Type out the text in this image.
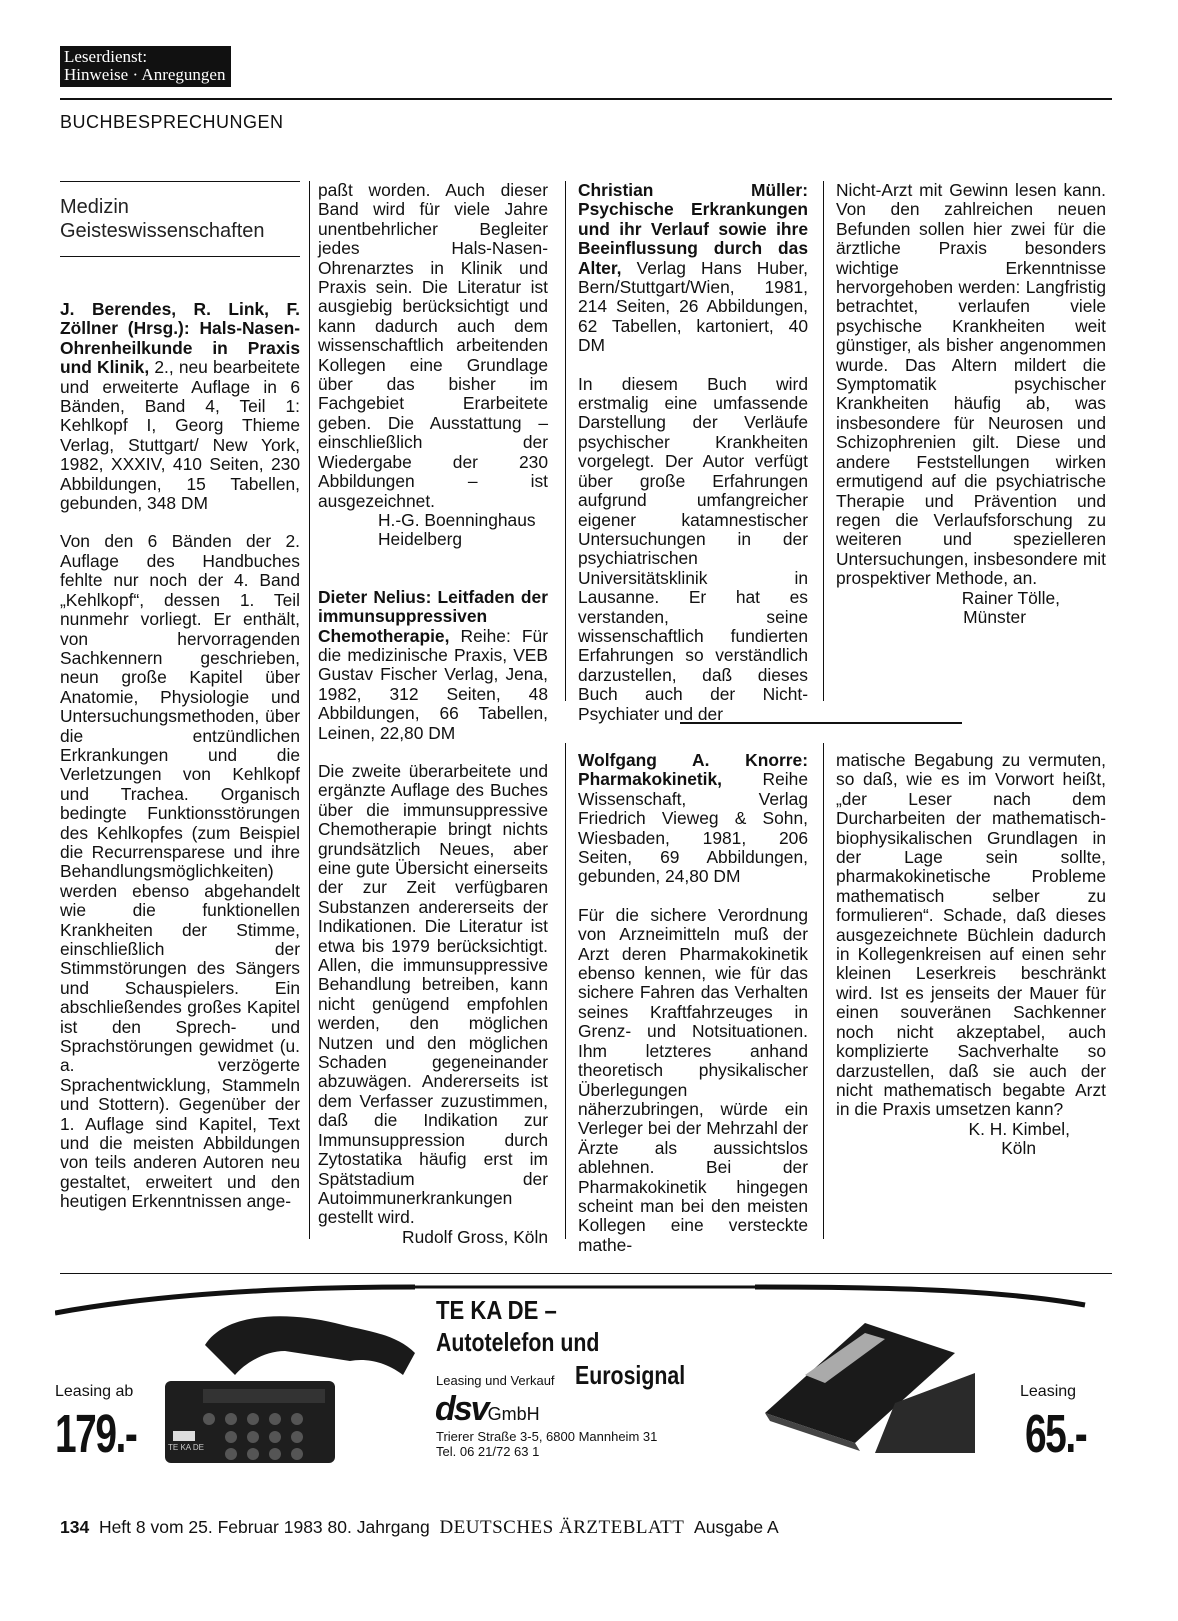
Leserdienst:
Hinweise · Anregungen
BUCHBESPRECHUNGEN
Medizin
Geisteswissenschaften

J. Berendes, R. Link, F. Zöllner (Hrsg.): Hals-Nasen-Ohrenheilkunde in Praxis und Klinik, 2., neu bearbeitete und erweiterte Auflage in 6 Bänden, Band 4, Teil 1: Kehlkopf I, Georg Thieme Verlag, Stuttgart/ New York, 1982, XXXIV, 410 Seiten, 230 Abbildungen, 15 Tabellen, gebunden, 348 DM

Von den 6 Bänden der 2. Auflage des Handbuches fehlte nur noch der 4. Band „Kehlkopf“, dessen 1. Teil nunmehr vorliegt. Er enthält, von hervorragenden Sachkennern geschrieben, neun große Kapitel über Anatomie, Physiologie und Untersuchungsmethoden, über die entzündlichen Erkrankungen und die Verletzungen von Kehlkopf und Trachea. Organisch bedingte Funktionsstörungen des Kehlkopfes (zum Beispiel die Recurrensparese und ihre Behandlungsmöglichkeiten) werden ebenso abgehandelt wie die funktionellen Krankheiten der Stimme, einschließlich der Stimmstörungen des Sängers und Schauspielers. Ein abschließendes großes Kapitel ist den Sprech- und Sprachstörungen gewidmet (u. a. verzögerte Sprachentwicklung, Stammeln und Stottern). Gegenüber der 1. Auflage sind Kapitel, Text und die meisten Abbildungen von teils anderen Autoren neu gestaltet, erweitert und den heutigen Erkenntnissen ange-

paßt worden. Auch dieser Band wird für viele Jahre unentbehrlicher Begleiter jedes Hals-Nasen-Ohrenarztes in Klinik und Praxis sein. Die Literatur ist ausgiebig berücksichtigt und kann dadurch auch dem wissenschaftlich arbeitenden Kollegen eine Grundlage über das bisher im Fachgebiet Erarbeitete geben. Die Ausstattung – einschließlich der Wiedergabe der 230 Abbildungen – ist ausgezeichnet.

H.-G. Boenninghaus
Heidelberg

Dieter Nelius: Leitfaden der immunsuppressiven Chemotherapie, Reihe: Für die medizinische Praxis, VEB Gustav Fischer Verlag, Jena, 1982, 312 Seiten, 48 Abbildungen, 66 Tabellen, Leinen, 22,80 DM

Die zweite überarbeitete und ergänzte Auflage des Buches über die immunsuppressive Chemotherapie bringt nichts grundsätzlich Neues, aber eine gute Übersicht einerseits der zur Zeit verfügbaren Substanzen andererseits der Indikationen. Die Literatur ist etwa bis 1979 berücksichtigt. Allen, die immunsuppressive Behandlung betreiben, kann nicht genügend empfohlen werden, den möglichen Nutzen und den möglichen Schaden gegeneinander abzuwägen. Andererseits ist dem Verfasser zuzustimmen, daß die Indikation zur Immunsuppression durch Zytostatika häufig erst im Spätstadium der Autoimmunerkrankungen gestellt wird.
Rudolf Gross, Köln

Christian Müller: Psychische Erkrankungen und ihr Verlauf sowie ihre Beeinflussung durch das Alter, Verlag Hans Huber, Bern/Stuttgart/Wien, 1981, 214 Seiten, 26 Abbildungen, 62 Tabellen, kartoniert, 40 DM

In diesem Buch wird erstmalig eine umfassende Darstellung der Verläufe psychischer Krankheiten vorgelegt. Der Autor verfügt über große Erfahrungen aufgrund umfangreicher eigener katamnestischer Untersuchungen in der psychiatrischen Universitätsklinik in Lausanne. Er hat es verstanden, seine wissenschaftlich fundierten Erfahrungen so verständlich darzustellen, daß dieses Buch auch der Nicht-Psychiater und der

Nicht-Arzt mit Gewinn lesen kann. Von den zahlreichen neuen Befunden sollen hier zwei für die ärztliche Praxis besonders wichtige Erkenntnisse hervorgehoben werden: Langfristig betrachtet, verlaufen viele psychische Krankheiten weit günstiger, als bisher angenommen wurde. Das Altern mildert die Symptomatik psychischer Krankheiten häufig ab, was insbesondere für Neurosen und Schizophrenien gilt. Diese und andere Feststellungen wirken ermutigend auf die psychiatrische Therapie und Prävention und regen die Verlaufsforschung zu weiteren und spezielleren Untersuchungen, insbesondere mit prospektiver Methode, an.

Rainer Tölle,
Münster

Wolfgang A. Knorre: Pharmakokinetik, Reihe Wissenschaft, Verlag Friedrich Vieweg & Sohn, Wiesbaden, 1981, 206 Seiten, 69 Abbildungen, gebunden, 24,80 DM

Für die sichere Verordnung von Arzneimitteln muß der Arzt deren Pharmakokinetik ebenso kennen, wie für das sichere Fahren das Verhalten seines Kraftfahrzeuges in Grenz- und Notsituationen. Ihm letzteres anhand theoretisch physikalischer Überlegungen näherzubringen, würde ein Verleger bei der Mehrzahl der Ärzte als aussichtslos ablehnen. Bei der Pharmakokinetik hingegen scheint man bei den meisten Kollegen eine versteckte mathe-

matische Begabung zu vermuten, so daß, wie es im Vorwort heißt, „der Leser nach dem Durcharbeiten der mathematisch-biophysikalischen Grundlagen in der Lage sein sollte, pharmakokinetische Probleme mathematisch selber zu formulieren“. Schade, daß dieses ausgezeichnete Büchlein dadurch in Kollegenkreisen auf einen sehr kleinen Leserkreis beschränkt wird. Ist es jenseits der Mauer für einen souveränen Sachkenner noch nicht akzeptabel, auch komplizierte Sachverhalte so darzustellen, daß sie auch der nicht mathematisch begabte Arzt in die Praxis umsetzen kann?

K. H. Kimbel,
Köln
TE KA DE
Leasing ab
179.-
TE KA DE –
Autotelefon und
Leasing und Verkauf Eurosignal
dsvGmbH
Trierer Straße 3-5, 6800 Mannheim 31
Tel. 06 21/72 63 1
Leasing
65.-
134 Heft 8 vom 25. Februar 1983 80. Jahrgang DEUTSCHES ÄRZTEBLATT Ausgabe A
